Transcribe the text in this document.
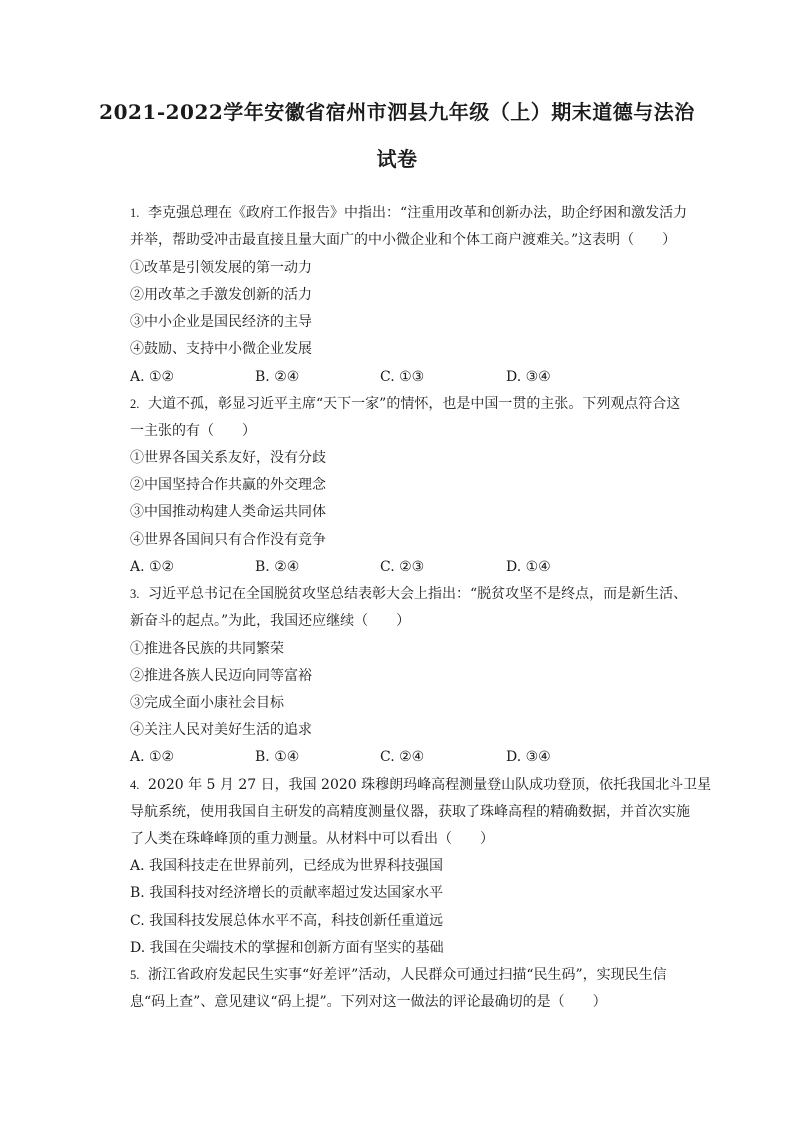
2021-2022学年安徽省宿州市泗县九年级（上）期末道德与法治
试卷
1. 李克强总理在《政府工作报告》中指出：“注重用改革和创新办法，助企纾困和激发活力
并举，帮助受冲击最直接且量大面广的中小微企业和个体工商户渡难关。”这表明（　　）
①改革是引领发展的第一动力
②用改革之手激发创新的活力
③中小企业是国民经济的主导
④鼓励、支持中小微企业发展
A. ①②	B. ②④	C. ①③	D. ③④
2. 大道不孤，彰显习近平主席“天下一家”的情怀，也是中国一贯的主张。下列观点符合这
一主张的有（　　）
①世界各国关系友好，没有分歧
②中国坚持合作共赢的外交理念
③中国推动构建人类命运共同体
④世界各国间只有合作没有竞争
A. ①②	B. ②④	C. ②③	D. ①④
3. 习近平总书记在全国脱贫攻坚总结表彰大会上指出：“脱贫攻坚不是终点，而是新生活、
新奋斗的起点。”为此，我国还应继续（　　）
①推进各民族的共同繁荣
②推进各族人民迈向同等富裕
③完成全面小康社会目标
④关注人民对美好生活的追求
A. ①②	B. ①④	C. ②④	D. ③④
4. 2020 年 5 月 27 日，我国 2020 珠穆朗玛峰高程测量登山队成功登顶，依托我国北斗卫星
导航系统，使用我国自主研发的高精度测量仪器，获取了珠峰高程的精确数据，并首次实施
了人类在珠峰峰顶的重力测量。从材料中可以看出（　　）
A. 我国科技走在世界前列，已经成为世界科技强国
B. 我国科技对经济增长的贡献率超过发达国家水平
C. 我国科技发展总体水平不高，科技创新任重道远
D. 我国在尖端技术的掌握和创新方面有坚实的基础
5. 浙江省政府发起民生实事“好差评”活动，人民群众可通过扫描“民生码”，实现民生信
息“码上查”、意见建议“码上提”。下列对这一做法的评论最确切的是（　　）
